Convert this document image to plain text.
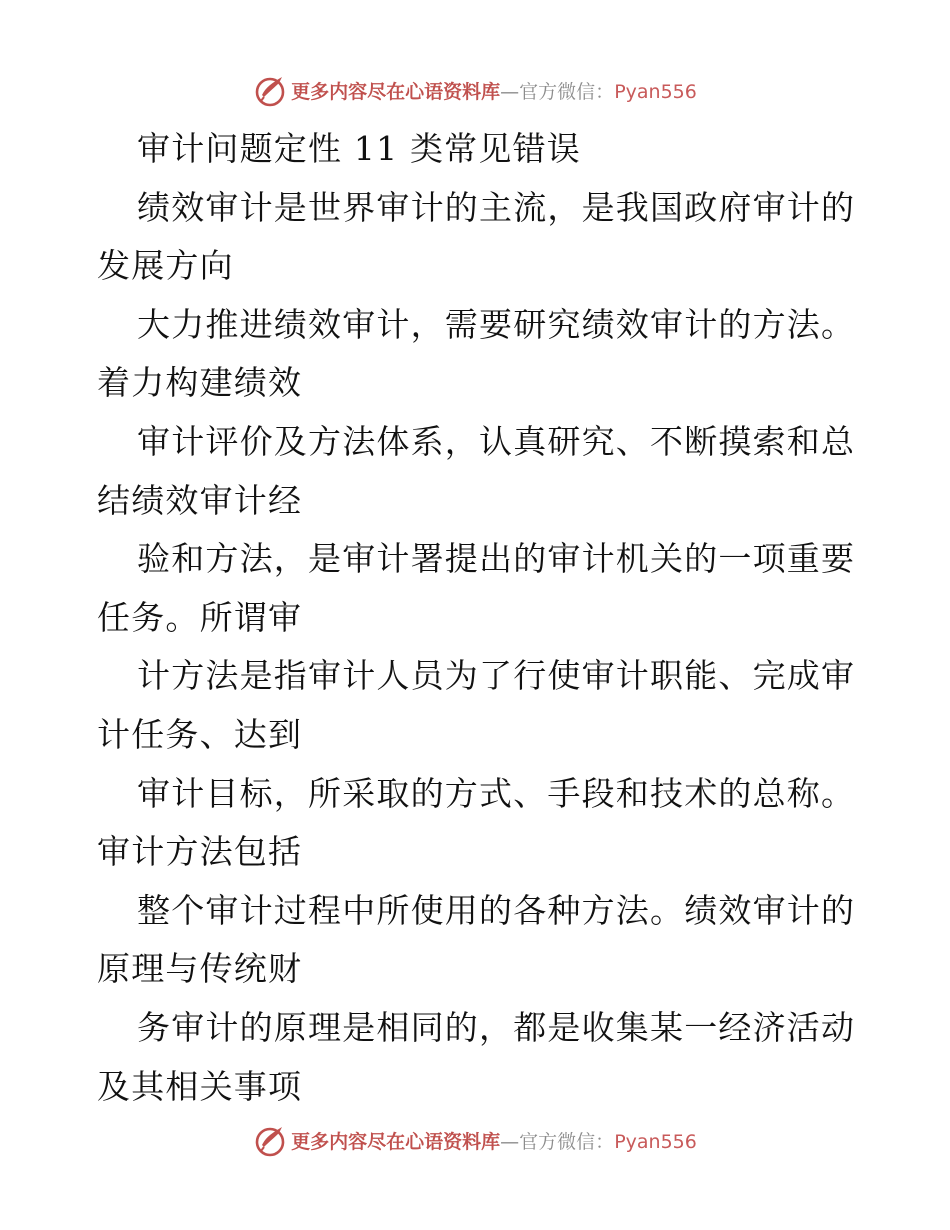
更多内容尽在心语资料库—官方微信：Pyan556
审计问题定性 11 类常见错误
绩效审计是世界审计的主流，是我国政府审计的
发展方向
大力推进绩效审计，需要研究绩效审计的方法。
着力构建绩效
审计评价及方法体系，认真研究、不断摸索和总
结绩效审计经
验和方法，是审计署提出的审计机关的一项重要
任务。所谓审
计方法是指审计人员为了行使审计职能、完成审
计任务、达到
审计目标，所采取的方式、手段和技术的总称。
审计方法包括
整个审计过程中所使用的各种方法。绩效审计的
原理与传统财
务审计的原理是相同的，都是收集某一经济活动
及其相关事项
更多内容尽在心语资料库—官方微信：Pyan556
